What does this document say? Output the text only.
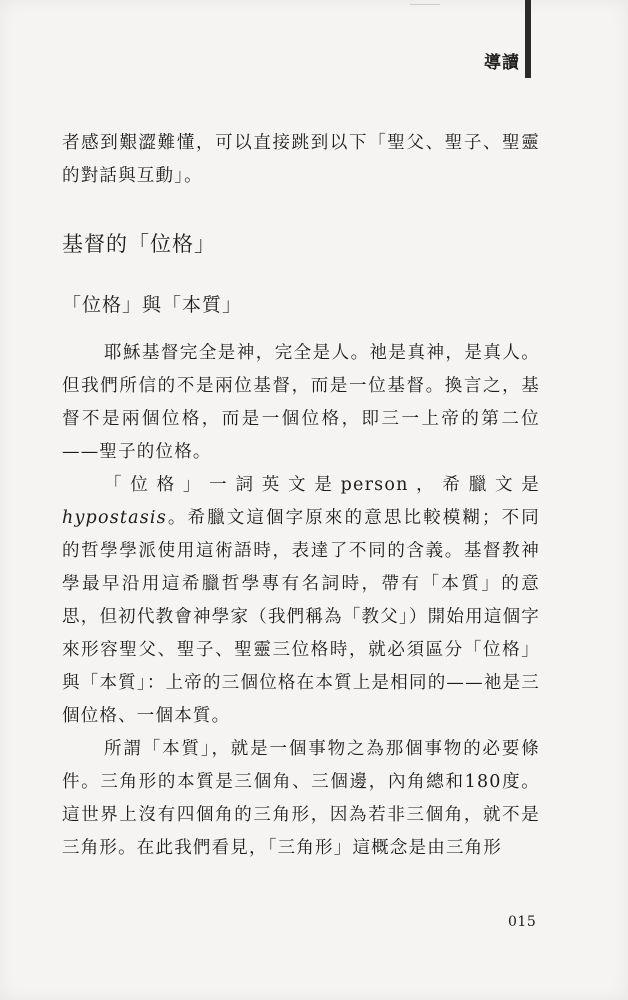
導讀
者感到艱澀難懂，可以直接跳到以下「聖父、聖子、聖靈的對話與互動」。
基督的「位格」
「位格」與「本質」
耶穌基督完全是神，完全是人。祂是真神，是真人。但我們所信的不是兩位基督，而是一位基督。換言之，基督不是兩個位格，而是一個位格，即三一上帝的第二位——聖子的位格。
「位格」一詞英文是person，希臘文是hypostasis。希臘文這個字原來的意思比較模糊；不同的哲學學派使用這術語時，表達了不同的含義。基督教神學最早沿用這希臘哲學專有名詞時，帶有「本質」的意思，但初代教會神學家（我們稱為「教父」）開始用這個字來形容聖父、聖子、聖靈三位格時，就必須區分「位格」與「本質」：上帝的三個位格在本質上是相同的——祂是三個位格、一個本質。
所謂「本質」，就是一個事物之為那個事物的必要條件。三角形的本質是三個角、三個邊，內角總和180度。這世界上沒有四個角的三角形，因為若非三個角，就不是三角形。在此我們看見，「三角形」這概念是由三角形
015
